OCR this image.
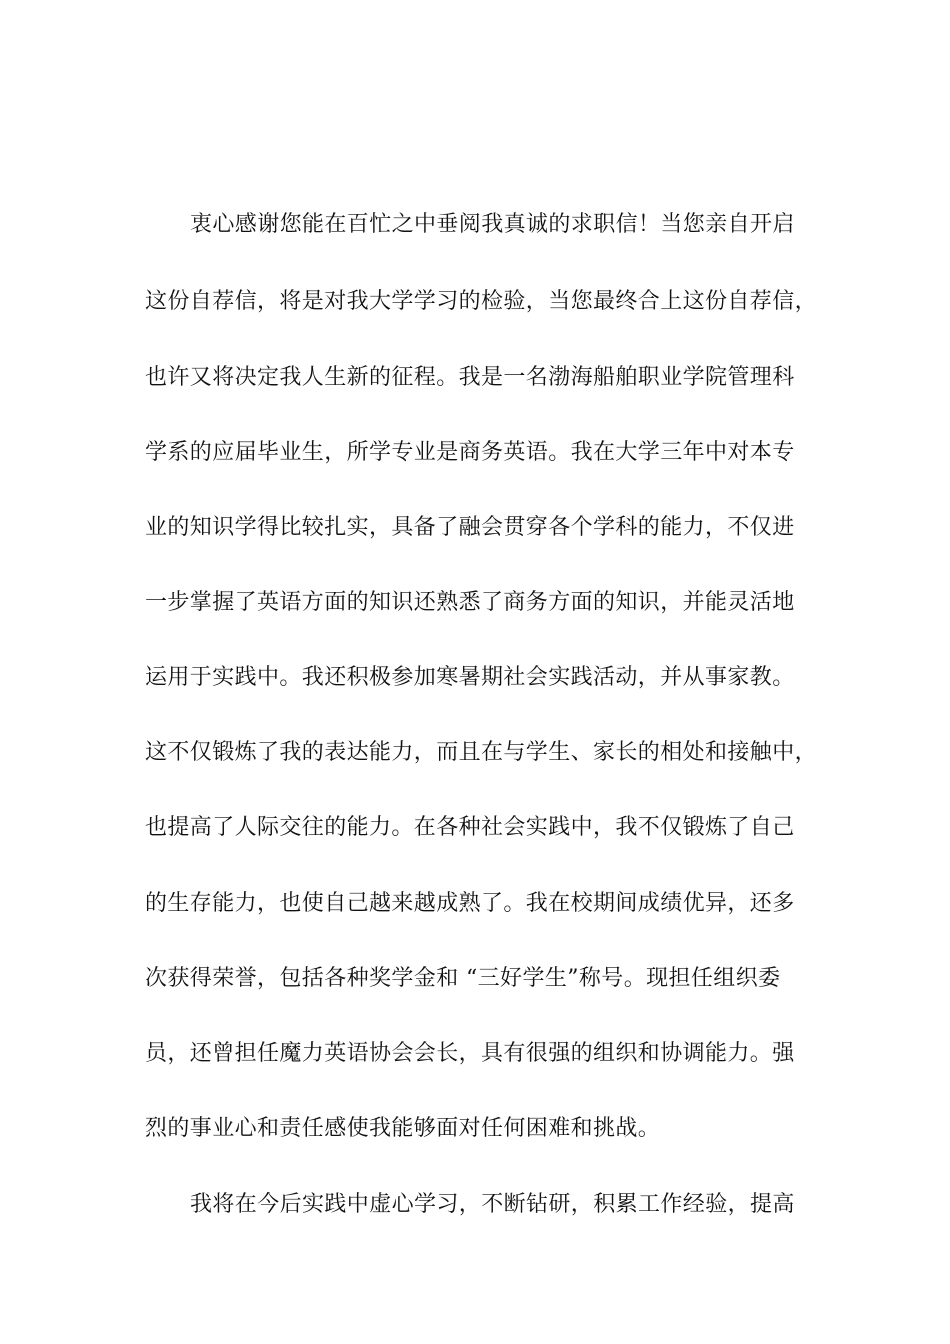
衷心感谢您能在百忙之中垂阅我真诚的求职信！当您亲自开启
这份自荐信，将是对我大学学习的检验，当您最终合上这份自荐信，
也许又将决定我人生新的征程。我是一名渤海船舶职业学院管理科
学系的应届毕业生，所学专业是商务英语。我在大学三年中对本专
业的知识学得比较扎实，具备了融会贯穿各个学科的能力，不仅进
一步掌握了英语方面的知识还熟悉了商务方面的知识，并能灵活地
运用于实践中。我还积极参加寒暑期社会实践活动，并从事家教。
这不仅锻炼了我的表达能力，而且在与学生、家长的相处和接触中，
也提高了人际交往的能力。在各种社会实践中，我不仅锻炼了自己
的生存能力，也使自己越来越成熟了。我在校期间成绩优异，还多
次获得荣誉，包括各种奖学金和 “三好学生”称号。现担任组织委
员，还曾担任魔力英语协会会长，具有很强的组织和协调能力。强
烈的事业心和责任感使我能够面对任何困难和挑战。
我将在今后实践中虚心学习，不断钻研，积累工作经验，提高
